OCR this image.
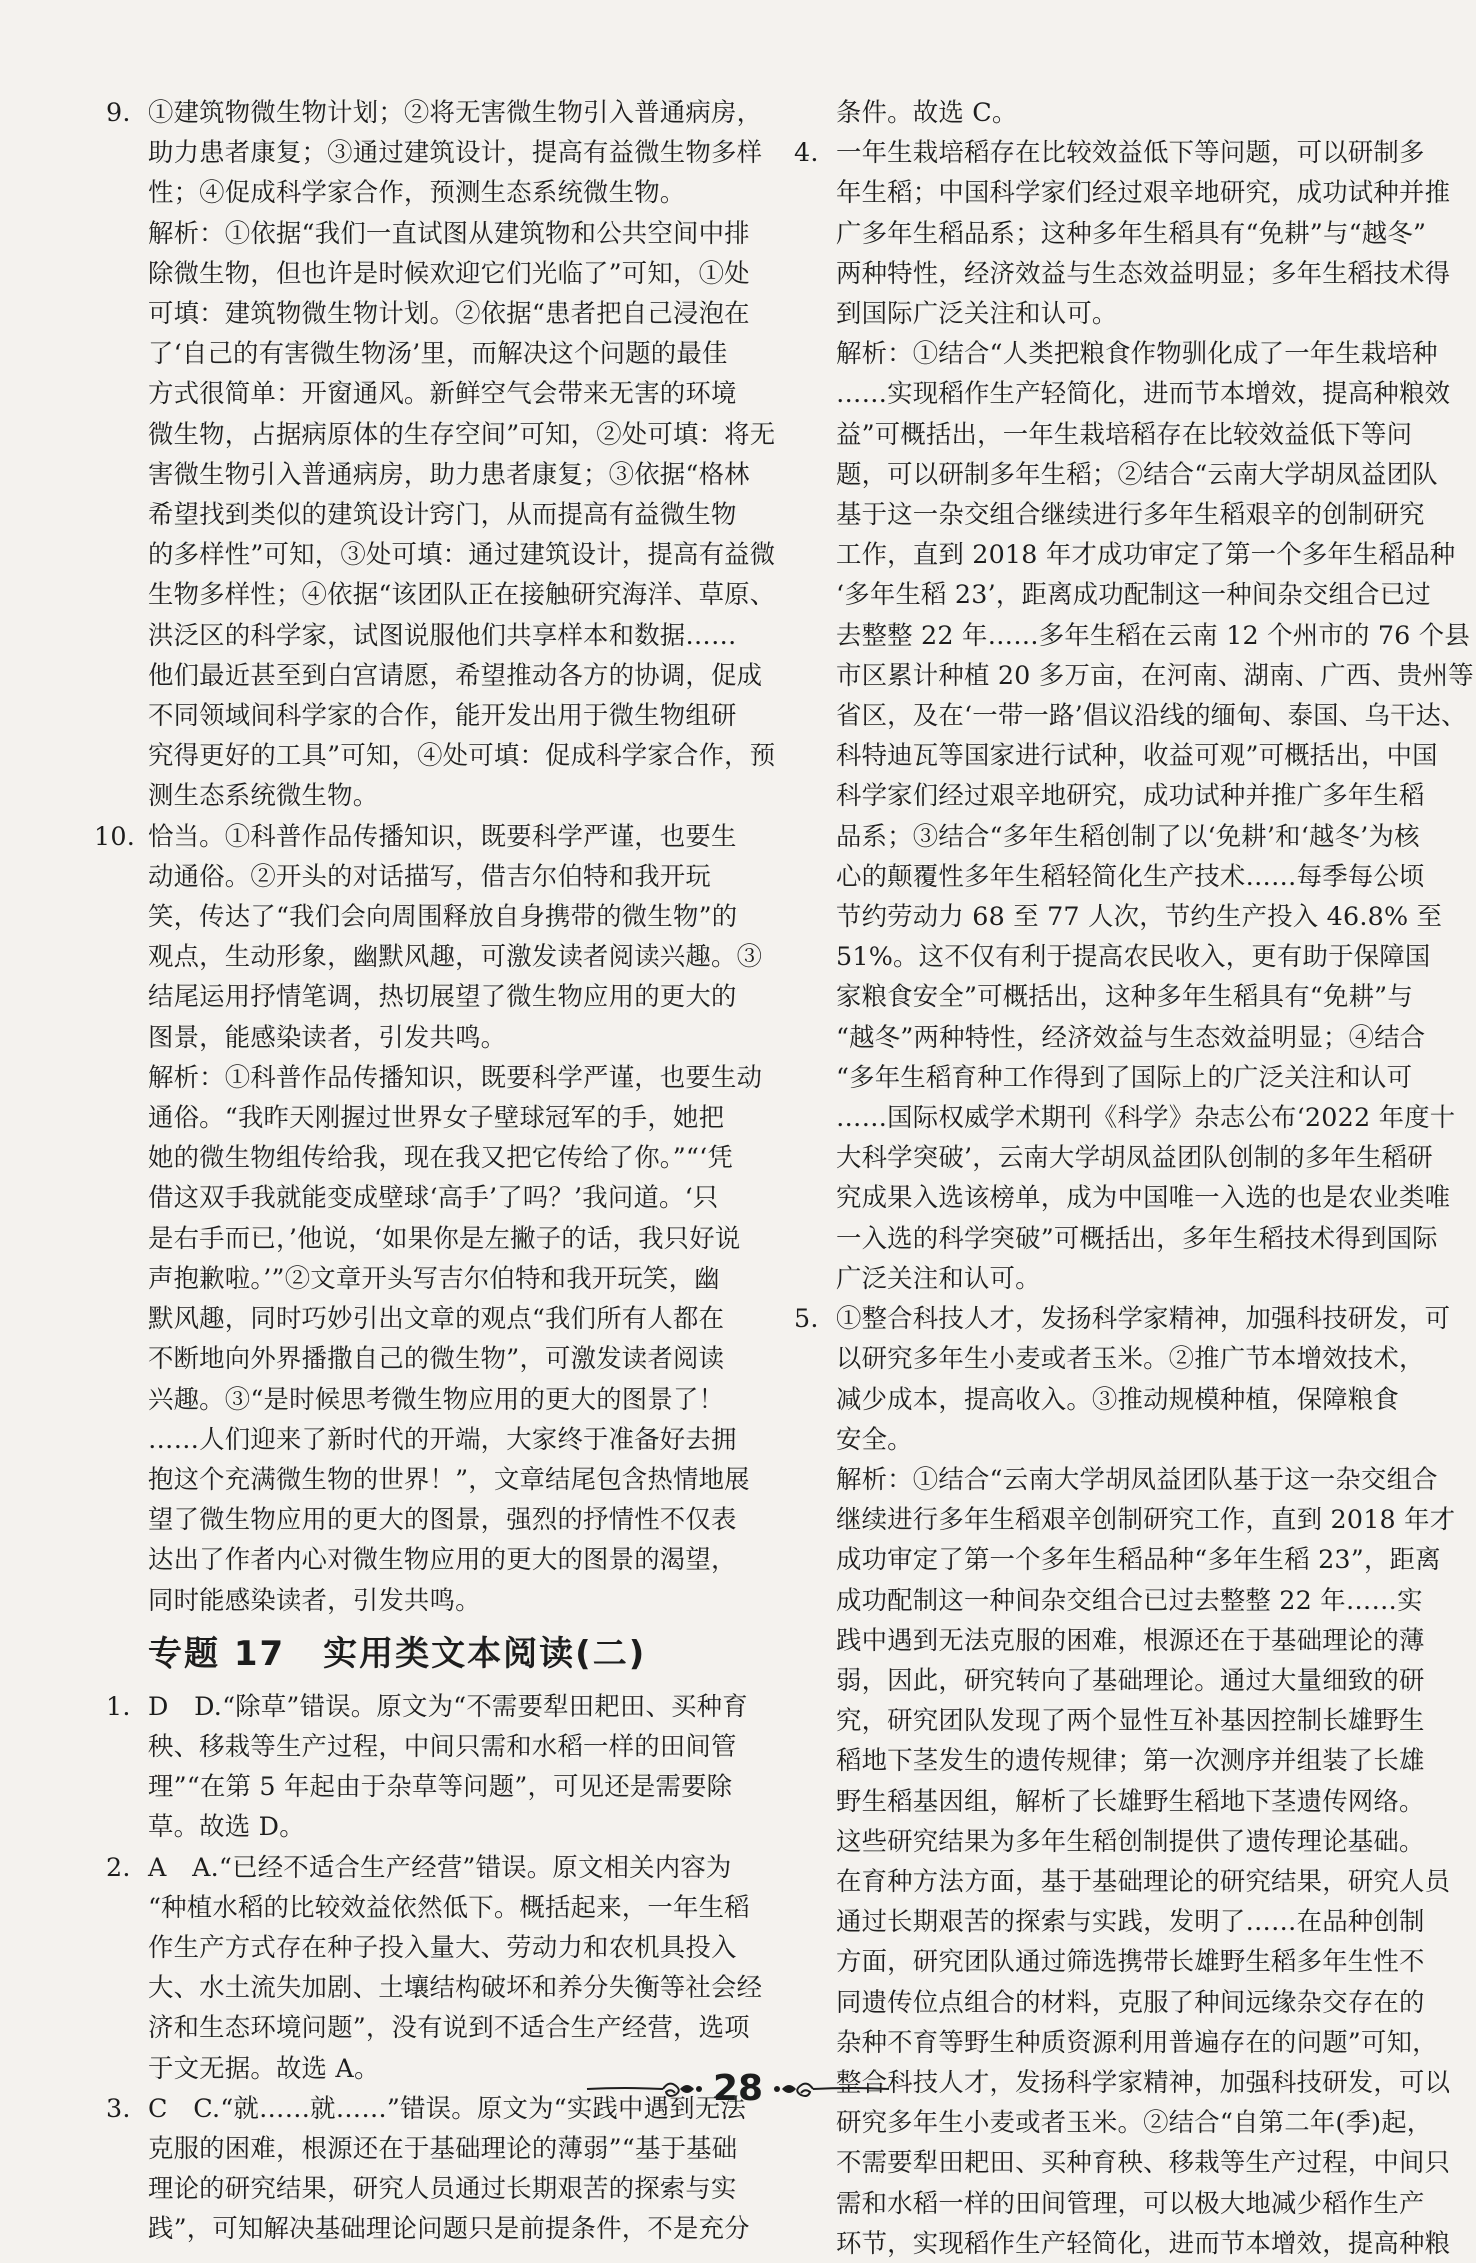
9. ①建筑物微生物计划；②将无害微生物引入普通病房，
助力患者康复；③通过建筑设计，提高有益微生物多样
性；④促成科学家合作，预测生态系统微生物。
解析：①依据“我们一直试图从建筑物和公共空间中排
除微生物，但也许是时候欢迎它们光临了”可知，①处
可填：建筑物微生物计划。②依据“患者把自己浸泡在
了‘自己的有害微生物汤’里，而解决这个问题的最佳
方式很简单：开窗通风。新鲜空气会带来无害的环境
微生物，占据病原体的生存空间”可知，②处可填：将无
害微生物引入普通病房，助力患者康复；③依据“格林
希望找到类似的建筑设计窍门，从而提高有益微生物
的多样性”可知，③处可填：通过建筑设计，提高有益微
生物多样性；④依据“该团队正在接触研究海洋、草原、
洪泛区的科学家，试图说服他们共享样本和数据……
他们最近甚至到白宫请愿，希望推动各方的协调，促成
不同领域间科学家的合作，能开发出用于微生物组研
究得更好的工具”可知，④处可填：促成科学家合作，预
测生态系统微生物。
10. 恰当。①科普作品传播知识，既要科学严谨，也要生
动通俗。②开头的对话描写，借吉尔伯特和我开玩
笑，传达了“我们会向周围释放自身携带的微生物”的
观点，生动形象，幽默风趣，可激发读者阅读兴趣。③
结尾运用抒情笔调，热切展望了微生物应用的更大的
图景，能感染读者，引发共鸣。
解析：①科普作品传播知识，既要科学严谨，也要生动
通俗。“我昨天刚握过世界女子壁球冠军的手，她把
她的微生物组传给我，现在我又把它传给了你。”“‘凭
借这双手我就能变成壁球‘高手’了吗？’我问道。‘只
是右手而已，’他说，‘如果你是左撇子的话，我只好说
声抱歉啦。’”②文章开头写吉尔伯特和我开玩笑，幽
默风趣，同时巧妙引出文章的观点“我们所有人都在
不断地向外界播撒自己的微生物”，可激发读者阅读
兴趣。③“是时候思考微生物应用的更大的图景了！
……人们迎来了新时代的开端，大家终于准备好去拥
抱这个充满微生物的世界！”，文章结尾包含热情地展
望了微生物应用的更大的图景，强烈的抒情性不仅表
达出了作者内心对微生物应用的更大的图景的渴望，
同时能感染读者，引发共鸣。
专题 17 实用类文本阅读(二)
1. D　D.“除草”错误。原文为“不需要犁田耙田、买种育
秧、移栽等生产过程，中间只需和水稻一样的田间管
理”“在第 5 年起由于杂草等问题”，可见还是需要除
草。故选 D。
2. A　A.“已经不适合生产经营”错误。原文相关内容为
“种植水稻的比较效益依然低下。概括起来，一年生稻
作生产方式存在种子投入量大、劳动力和农机具投入
大、水土流失加剧、土壤结构破坏和养分失衡等社会经
济和生态环境问题”，没有说到不适合生产经营，选项
于文无据。故选 A。
3. C　C.“就……就……”错误。原文为“实践中遇到无法
克服的困难，根源还在于基础理论的薄弱”“基于基础
理论的研究结果，研究人员通过长期艰苦的探索与实
践”，可知解决基础理论问题只是前提条件，不是充分
条件。故选 C。
4. 一年生栽培稻存在比较效益低下等问题，可以研制多
年生稻；中国科学家们经过艰辛地研究，成功试种并推
广多年生稻品系；这种多年生稻具有“免耕”与“越冬”
两种特性，经济效益与生态效益明显；多年生稻技术得
到国际广泛关注和认可。
解析：①结合“人类把粮食作物驯化成了一年生栽培种
……实现稻作生产轻简化，进而节本增效，提高种粮效
益”可概括出，一年生栽培稻存在比较效益低下等问
题，可以研制多年生稻；②结合“云南大学胡凤益团队
基于这一杂交组合继续进行多年生稻艰辛的创制研究
工作，直到 2018 年才成功审定了第一个多年生稻品种
‘多年生稻 23’，距离成功配制这一种间杂交组合已过
去整整 22 年……多年生稻在云南 12 个州市的 76 个县
市区累计种植 20 多万亩，在河南、湖南、广西、贵州等
省区，及在‘一带一路’倡议沿线的缅甸、泰国、乌干达、
科特迪瓦等国家进行试种，收益可观”可概括出，中国
科学家们经过艰辛地研究，成功试种并推广多年生稻
品系；③结合“多年生稻创制了以‘免耕’和‘越冬’为核
心的颠覆性多年生稻轻简化生产技术……每季每公顷
节约劳动力 68 至 77 人次，节约生产投入 46.8% 至
51%。这不仅有利于提高农民收入，更有助于保障国
家粮食安全”可概括出，这种多年生稻具有“免耕”与
“越冬”两种特性，经济效益与生态效益明显；④结合
“多年生稻育种工作得到了国际上的广泛关注和认可
……国际权威学术期刊《科学》杂志公布‘2022 年度十
大科学突破’，云南大学胡凤益团队创制的多年生稻研
究成果入选该榜单，成为中国唯一入选的也是农业类唯
一入选的科学突破”可概括出，多年生稻技术得到国际
广泛关注和认可。
5. ①整合科技人才，发扬科学家精神，加强科技研发，可
以研究多年生小麦或者玉米。②推广节本增效技术，
减少成本，提高收入。③推动规模种植，保障粮食
安全。
解析：①结合“云南大学胡凤益团队基于这一杂交组合
继续进行多年生稻艰辛创制研究工作，直到 2018 年才
成功审定了第一个多年生稻品种“多年生稻 23”，距离
成功配制这一种间杂交组合已过去整整 22 年……实
践中遇到无法克服的困难，根源还在于基础理论的薄
弱，因此，研究转向了基础理论。通过大量细致的研
究，研究团队发现了两个显性互补基因控制长雄野生
稻地下茎发生的遗传规律；第一次测序并组装了长雄
野生稻基因组，解析了长雄野生稻地下茎遗传网络。
这些研究结果为多年生稻创制提供了遗传理论基础。
在育种方法方面，基于基础理论的研究结果，研究人员
通过长期艰苦的探索与实践，发明了……在品种创制
方面，研究团队通过筛选携带长雄野生稻多年生性不
同遗传位点组合的材料，克服了种间远缘杂交存在的
杂种不育等野生种质资源利用普遍存在的问题”可知，
整合科技人才，发扬科学家精神，加强科技研发，可以
研究多年生小麦或者玉米。②结合“自第二年(季)起，
不需要犁田耙田、买种育秧、移栽等生产过程，中间只
需和水稻一样的田间管理，可以极大地减少稻作生产
环节，实现稻作生产轻简化，进而节本增效，提高种粮
28
